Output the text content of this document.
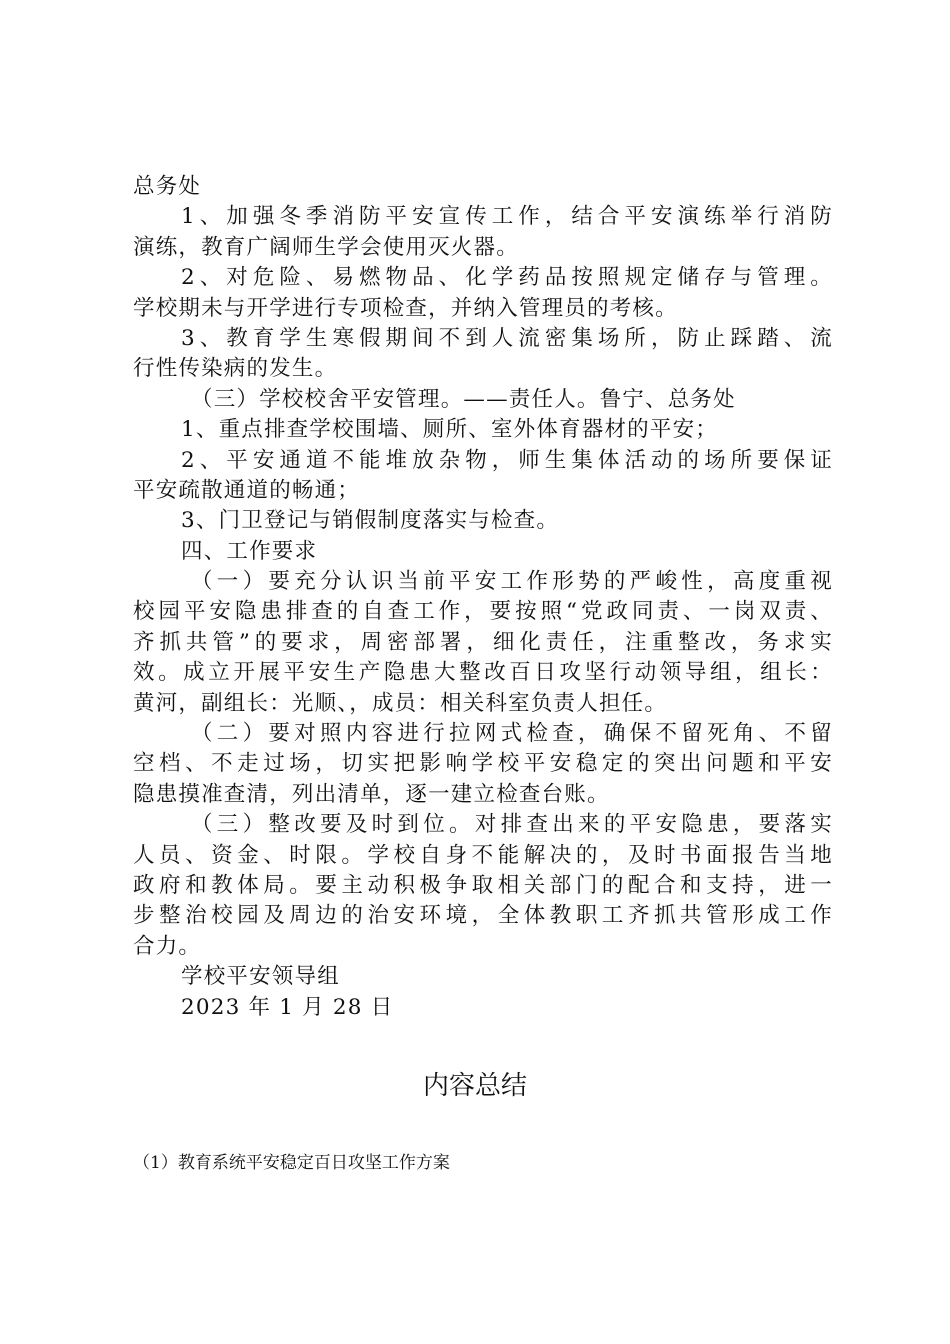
总务处
1、加强冬季消防平安宣传工作，结合平安演练举行消防
演练，教育广阔师生学会使用灭火器。
2、对危险、易燃物品、化学药品按照规定储存与管理。
学校期未与开学进行专项检查，并纳入管理员的考核。
3、教育学生寒假期间不到人流密集场所，防止踩踏、流
行性传染病的发生。
（三）学校校舍平安管理。——责任人。鲁宁、总务处
1、重点排查学校围墙、厕所、室外体育器材的平安；
2、平安通道不能堆放杂物，师生集体活动的场所要保证
平安疏散通道的畅通；
3、门卫登记与销假制度落实与检查。
四、工作要求
（一）要充分认识当前平安工作形势的严峻性，高度重视
校园平安隐患排查的自查工作，要按照“党政同责、一岗双责、
齐抓共管”的要求，周密部署，细化责任，注重整改，务求实
效。成立开展平安生产隐患大整改百日攻坚行动领导组，组长：
黄河，副组长：光顺、，成员：相关科室负责人担任。
（二）要对照内容进行拉网式检查，确保不留死角、不留
空档、不走过场，切实把影响学校平安稳定的突出问题和平安
隐患摸准查清，列出清单，逐一建立检查台账。
（三）整改要及时到位。对排查出来的平安隐患，要落实
人员、资金、时限。学校自身不能解决的，及时书面报告当地
政府和教体局。要主动积极争取相关部门的配合和支持，进一
步整治校园及周边的治安环境，全体教职工齐抓共管形成工作
合力。
学校平安领导组
2023 年 1 月 28 日
内容总结
（1）教育系统平安稳定百日攻坚工作方案
